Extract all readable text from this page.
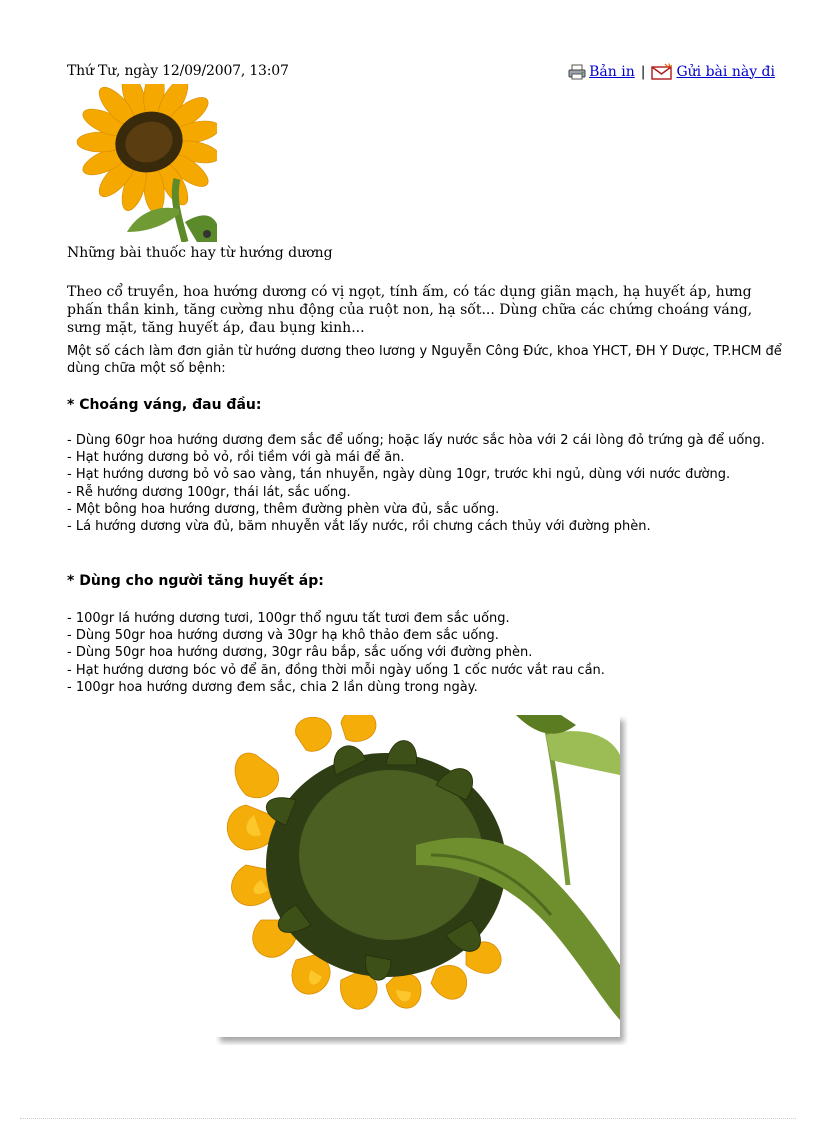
Thứ Tư, ngày 12/09/2007, 13:07	Bản in | Gửi bài này đi
Những bài thuốc hay từ hướng dương
Theo cổ truyền, hoa hướng dương có vị ngọt, tính ấm, có tác dụng giãn mạch, hạ huyết áp, hưng phấn thần kinh, tăng cường nhu động của ruột non, hạ sốt... Dùng chữa các chứng choáng váng, sưng mặt, tăng huyết áp, đau bụng kinh...
Một số cách làm đơn giản từ hướng dương theo lương y Nguyễn Công Đức, khoa YHCT, ĐH Y Dược, TP.HCM để dùng chữa một số bệnh:
* Choáng váng, đau đầu:
- Dùng 60gr hoa hướng dương đem sắc để uống; hoặc lấy nước sắc hòa với 2 cái lòng đỏ trứng gà để uống.
- Hạt hướng dương bỏ vỏ, rồi tiềm với gà mái để ăn.
- Hạt hướng dương bỏ vỏ sao vàng, tán nhuyễn, ngày dùng 10gr, trước khi ngủ, dùng với nước đường.
- Rễ hướng dương 100gr, thái lát, sắc uống.
- Một bông hoa hướng dương, thêm đường phèn vừa đủ, sắc uống.
- Lá hướng dương vừa đủ, băm nhuyễn vắt lấy nước, rồi chưng cách thủy với đường phèn.
* Dùng cho người tăng huyết áp:
- 100gr lá hướng dương tươi, 100gr thổ ngưu tất tươi đem sắc uống.
- Dùng 50gr hoa hướng dương và 30gr hạ khô thảo đem sắc uống.
- Dùng 50gr hoa hướng dương, 30gr râu bắp, sắc uống với đường phèn.
- Hạt hướng dương bóc vỏ để ăn, đồng thời mỗi ngày uống 1 cốc nước vắt rau cần.
- 100gr hoa hướng dương đem sắc, chia 2 lần dùng trong ngày.
